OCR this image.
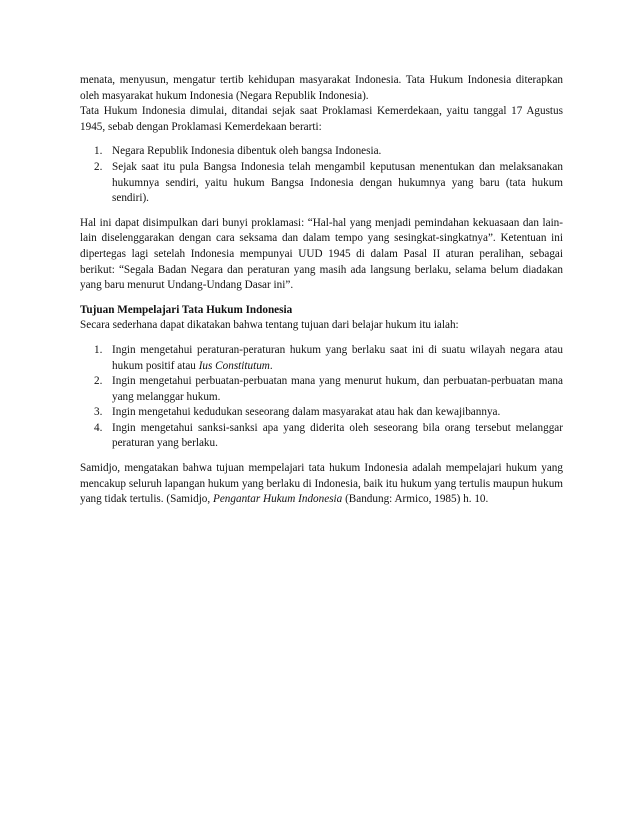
menata, menyusun, mengatur tertib kehidupan masyarakat Indonesia. Tata Hukum Indonesia diterapkan oleh masyarakat hukum Indonesia (Negara Republik Indonesia).

Tata Hukum Indonesia dimulai, ditandai sejak saat Proklamasi Kemerdekaan, yaitu tanggal 17 Agustus 1945, sebab dengan Proklamasi Kemerdekaan berarti:

1. Negara Republik Indonesia dibentuk oleh bangsa Indonesia.
2. Sejak saat itu pula Bangsa Indonesia telah mengambil keputusan menentukan dan melaksanakan hukumnya sendiri, yaitu hukum Bangsa Indonesia dengan hukumnya yang baru (tata hukum sendiri).

Hal ini dapat disimpulkan dari bunyi proklamasi: “Hal-hal yang menjadi pemindahan kekuasaan dan lain-lain diselenggarakan dengan cara seksama dan dalam tempo yang sesingkat-singkatnya”. Ketentuan ini dipertegas lagi setelah Indonesia mempunyai UUD 1945 di dalam Pasal II aturan peralihan, sebagai berikut: “Segala Badan Negara dan peraturan yang masih ada langsung berlaku, selama belum diadakan yang baru menurut Undang-Undang Dasar ini”.

Tujuan Mempelajari Tata Hukum Indonesia

Secara sederhana dapat dikatakan bahwa tentang tujuan dari belajar hukum itu ialah:

1. Ingin mengetahui peraturan-peraturan hukum yang berlaku saat ini di suatu wilayah negara atau hukum positif atau Ius Constitutum.
2. Ingin mengetahui perbuatan-perbuatan mana yang menurut hukum, dan perbuatan-perbuatan mana yang melanggar hukum.
3. Ingin mengetahui kedudukan seseorang dalam masyarakat atau hak dan kewajibannya.
4. Ingin mengetahui sanksi-sanksi apa yang diderita oleh seseorang bila orang tersebut melanggar peraturan yang berlaku.

Samidjo, mengatakan bahwa tujuan mempelajari tata hukum Indonesia adalah mempelajari hukum yang mencakup seluruh lapangan hukum yang berlaku di Indonesia, baik itu hukum yang tertulis maupun hukum yang tidak tertulis. (Samidjo, Pengantar Hukum Indonesia (Bandung: Armico, 1985) h. 10.
